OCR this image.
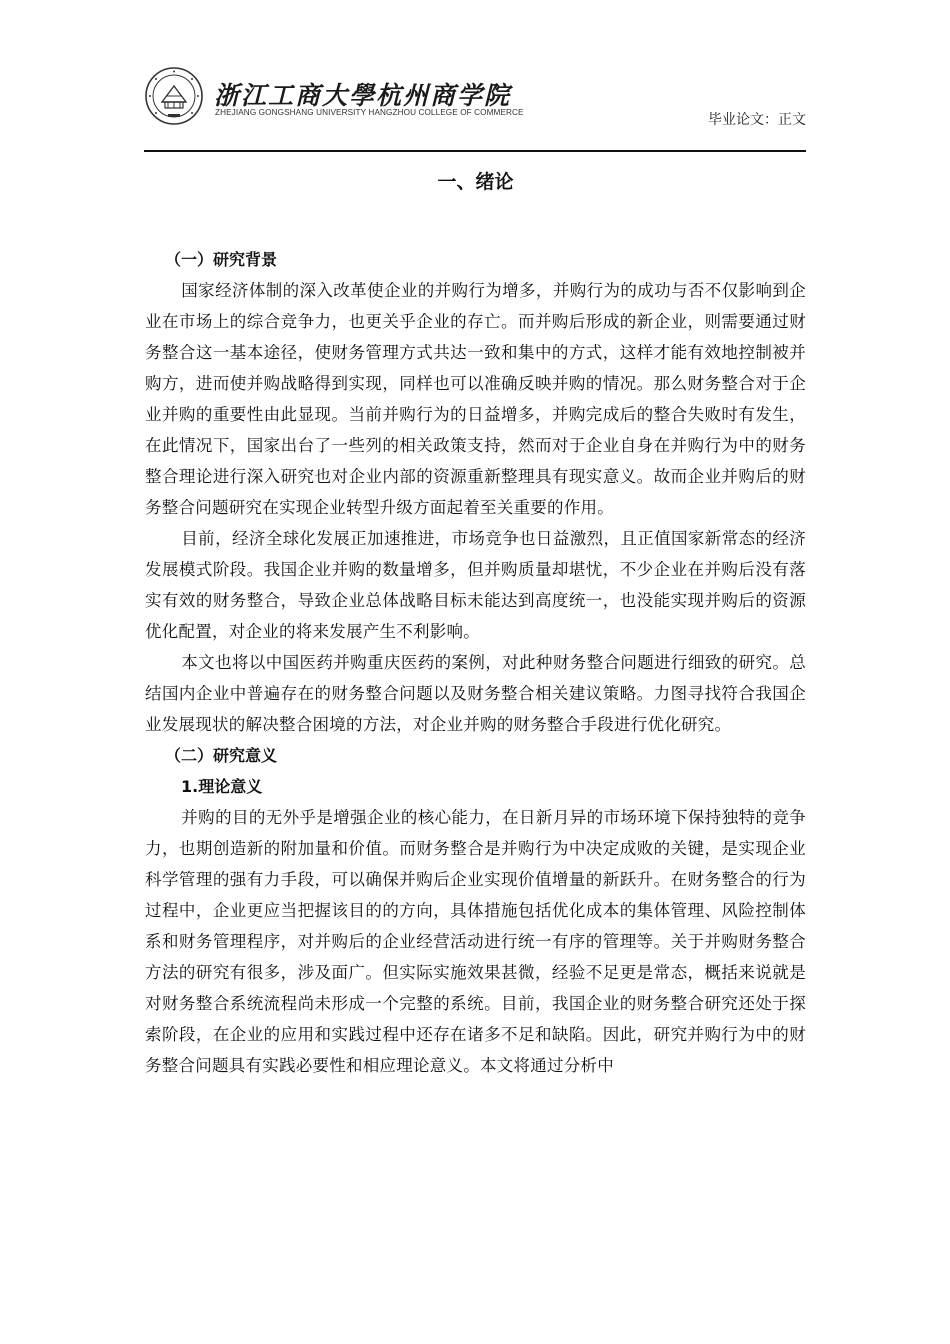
浙江工商大學杭州商学院
ZHEJIANG GONGSHANG UNIVERSITY HANGZHOU COLLEGE OF COMMERCE	毕业论文：正文
一、绪论
（一）研究背景

国家经济体制的深入改革使企业的并购行为增多，并购行为的成功与否不仅影响到企业在市场上的综合竞争力，也更关乎企业的存亡。而并购后形成的新企业，则需要通过财务整合这一基本途径，使财务管理方式共达一致和集中的方式，这样才能有效地控制被并购方，进而使并购战略得到实现，同样也可以准确反映并购的情况。那么财务整合对于企业并购的重要性由此显现。当前并购行为的日益增多，并购完成后的整合失败时有发生，在此情况下，国家出台了一些列的相关政策支持，然而对于企业自身在并购行为中的财务整合理论进行深入研究也对企业内部的资源重新整理具有现实意义。故而企业并购后的财务整合问题研究在实现企业转型升级方面起着至关重要的作用。

目前，经济全球化发展正加速推进，市场竞争也日益激烈，且正值国家新常态的经济发展模式阶段。我国企业并购的数量增多，但并购质量却堪忧，不少企业在并购后没有落实有效的财务整合，导致企业总体战略目标未能达到高度统一，也没能实现并购后的资源优化配置，对企业的将来发展产生不利影响。

本文也将以中国医药并购重庆医药的案例，对此种财务整合问题进行细致的研究。总结国内企业中普遍存在的财务整合问题以及财务整合相关建议策略。力图寻找符合我国企业发展现状的解决整合困境的方法，对企业并购的财务整合手段进行优化研究。

（二）研究意义
1.理论意义

并购的目的无外乎是增强企业的核心能力，在日新月异的市场环境下保持独特的竞争力，也期创造新的附加量和价值。而财务整合是并购行为中决定成败的关键，是实现企业科学管理的强有力手段，可以确保并购后企业实现价值增量的新跃升。在财务整合的行为过程中，企业更应当把握该目的的方向，具体措施包括优化成本的集体管理、风险控制体系和财务管理程序，对并购后的企业经营活动进行统一有序的管理等。关于并购财务整合方法的研究有很多，涉及面广。但实际实施效果甚微，经验不足更是常态，概括来说就是对财务整合系统流程尚未形成一个完整的系统。目前，我国企业的财务整合研究还处于探索阶段，在企业的应用和实践过程中还存在诸多不足和缺陷。因此，研究并购行为中的财务整合问题具有实践必要性和相应理论意义。本文将通过分析中
